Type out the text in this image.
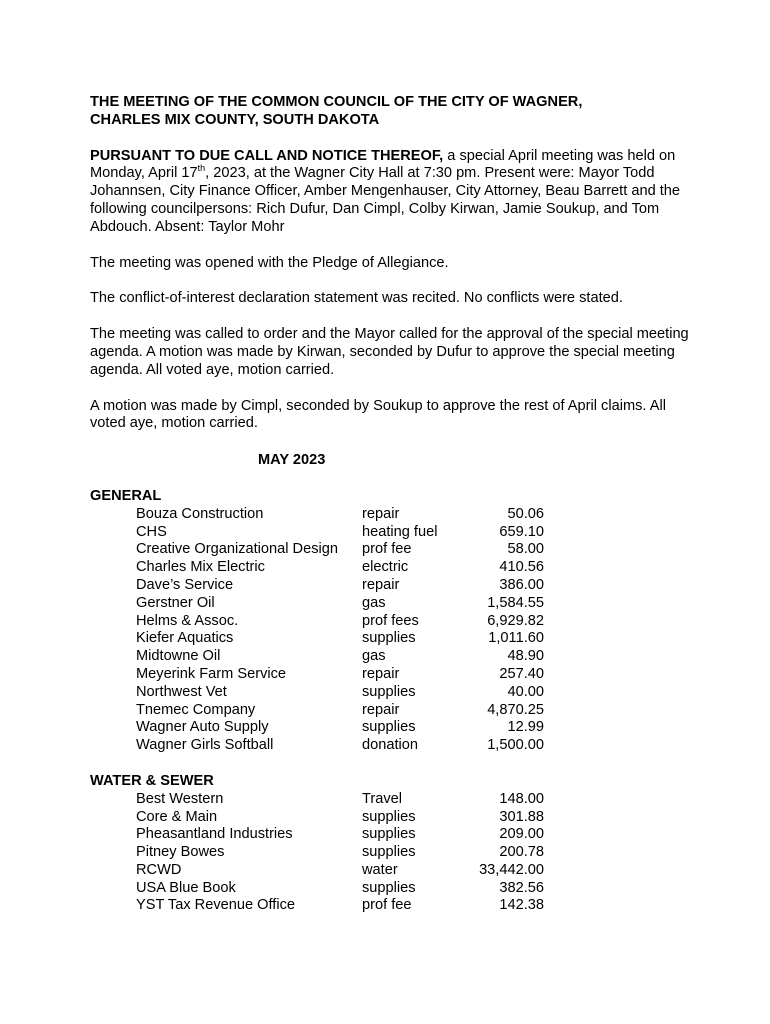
THE MEETING OF THE COMMON COUNCIL OF THE CITY OF WAGNER,
CHARLES MIX COUNTY, SOUTH DAKOTA

PURSUANT TO DUE CALL AND NOTICE THEREOF, a special April meeting was held on Monday, April 17th, 2023, at the Wagner City Hall at 7:30 pm. Present were: Mayor Todd Johannsen, City Finance Officer, Amber Mengenhauser, City Attorney, Beau Barrett and the following councilpersons: Rich Dufur, Dan Cimpl, Colby Kirwan, Jamie Soukup, and Tom Abdouch. Absent: Taylor Mohr

The meeting was opened with the Pledge of Allegiance.

The conflict-of-interest declaration statement was recited. No conflicts were stated.

The meeting was called to order and the Mayor called for the approval of the special meeting agenda. A motion was made by Kirwan, seconded by Dufur to approve the special meeting agenda. All voted aye, motion carried.

A motion was made by Cimpl, seconded by Soukup to approve the rest of April claims. All voted aye, motion carried.

MAY 2023
GENERAL
Bouza Construction	repair	50.06
CHS	heating fuel	659.10
Creative Organizational Design	prof fee	58.00
Charles Mix Electric	electric	410.56
Dave’s Service	repair	386.00
Gerstner Oil	gas	1,584.55
Helms & Assoc.	prof fees	6,929.82
Kiefer Aquatics	supplies	1,011.60
Midtowne Oil	gas	48.90
Meyerink Farm Service	repair	257.40
Northwest Vet	supplies	40.00
Tnemec Company	repair	4,870.25
Wagner Auto Supply	supplies	12.99
Wagner Girls Softball	donation	1,500.00
WATER & SEWER
Best Western	Travel	148.00
Core & Main	supplies	301.88
Pheasantland Industries	supplies	209.00
Pitney Bowes	supplies	200.78
RCWD	water	33,442.00
USA Blue Book	supplies	382.56
YST Tax Revenue Office	prof fee	142.38
